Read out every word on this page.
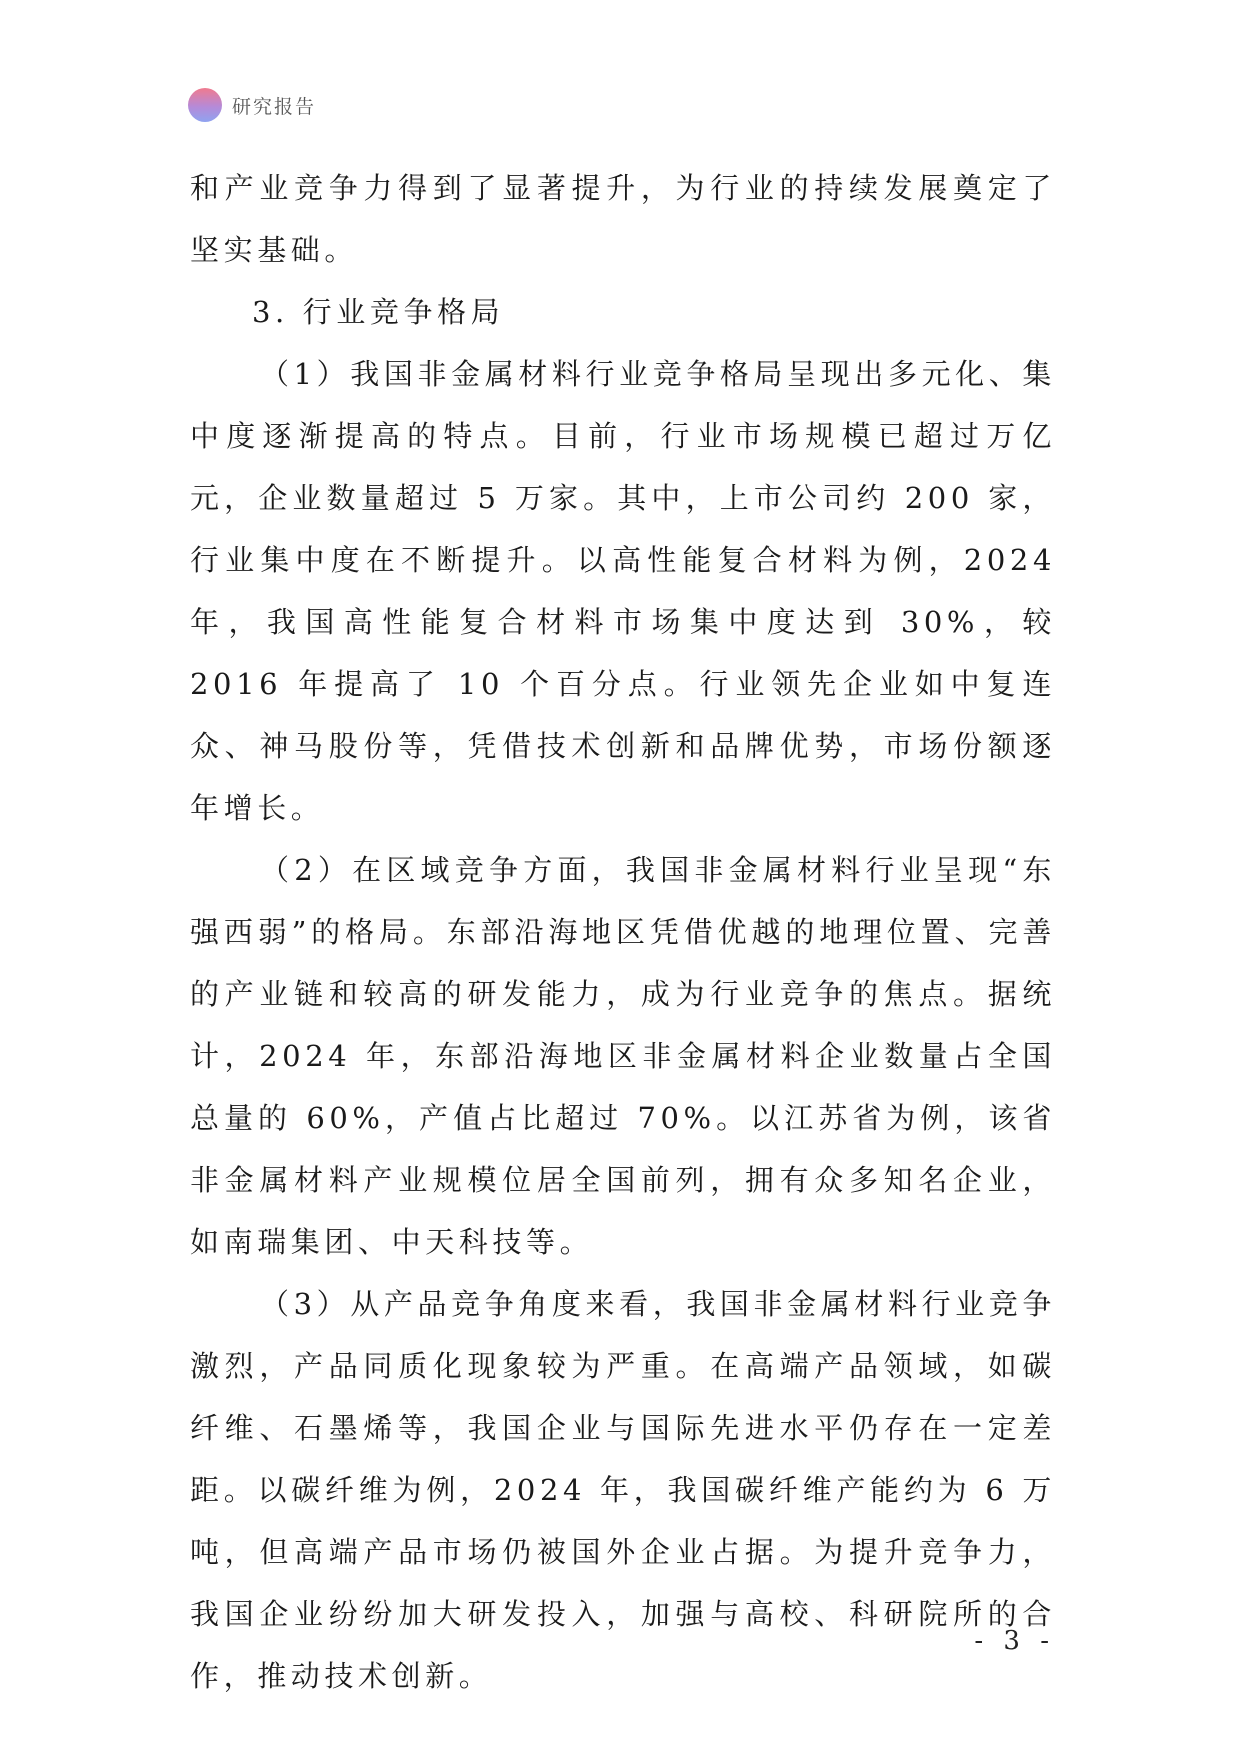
研究报告

和产业竞争力得到了显著提升，为行业的持续发展奠定了坚实基础。

3. 行业竞争格局

（1）我国非金属材料行业竞争格局呈现出多元化、集中度逐渐提高的特点。目前，行业市场规模已超过万亿元，企业数量超过 5 万家。其中，上市公司约 200 家，行业集中度在不断提升。以高性能复合材料为例，2024 年，我国高性能复合材料市场集中度达到 30%，较 2016 年提高了 10 个百分点。行业领先企业如中复连众、神马股份等，凭借技术创新和品牌优势，市场份额逐年增长。

（2）在区域竞争方面，我国非金属材料行业呈现“东强西弱”的格局。东部沿海地区凭借优越的地理位置、完善的产业链和较高的研发能力，成为行业竞争的焦点。据统计，2024 年，东部沿海地区非金属材料企业数量占全国总量的 60%，产值占比超过 70%。以江苏省为例，该省非金属材料产业规模位居全国前列，拥有众多知名企业，如南瑞集团、中天科技等。

（3）从产品竞争角度来看，我国非金属材料行业竞争激烈，产品同质化现象较为严重。在高端产品领域，如碳纤维、石墨烯等，我国企业与国际先进水平仍存在一定差距。以碳纤维为例，2024 年，我国碳纤维产能约为 6 万吨，但高端产品市场仍被国外企业占据。为提升竞争力，我国企业纷纷加大研发投入，加强与高校、科研院所的合作，推动技术创新。

- 3 -
